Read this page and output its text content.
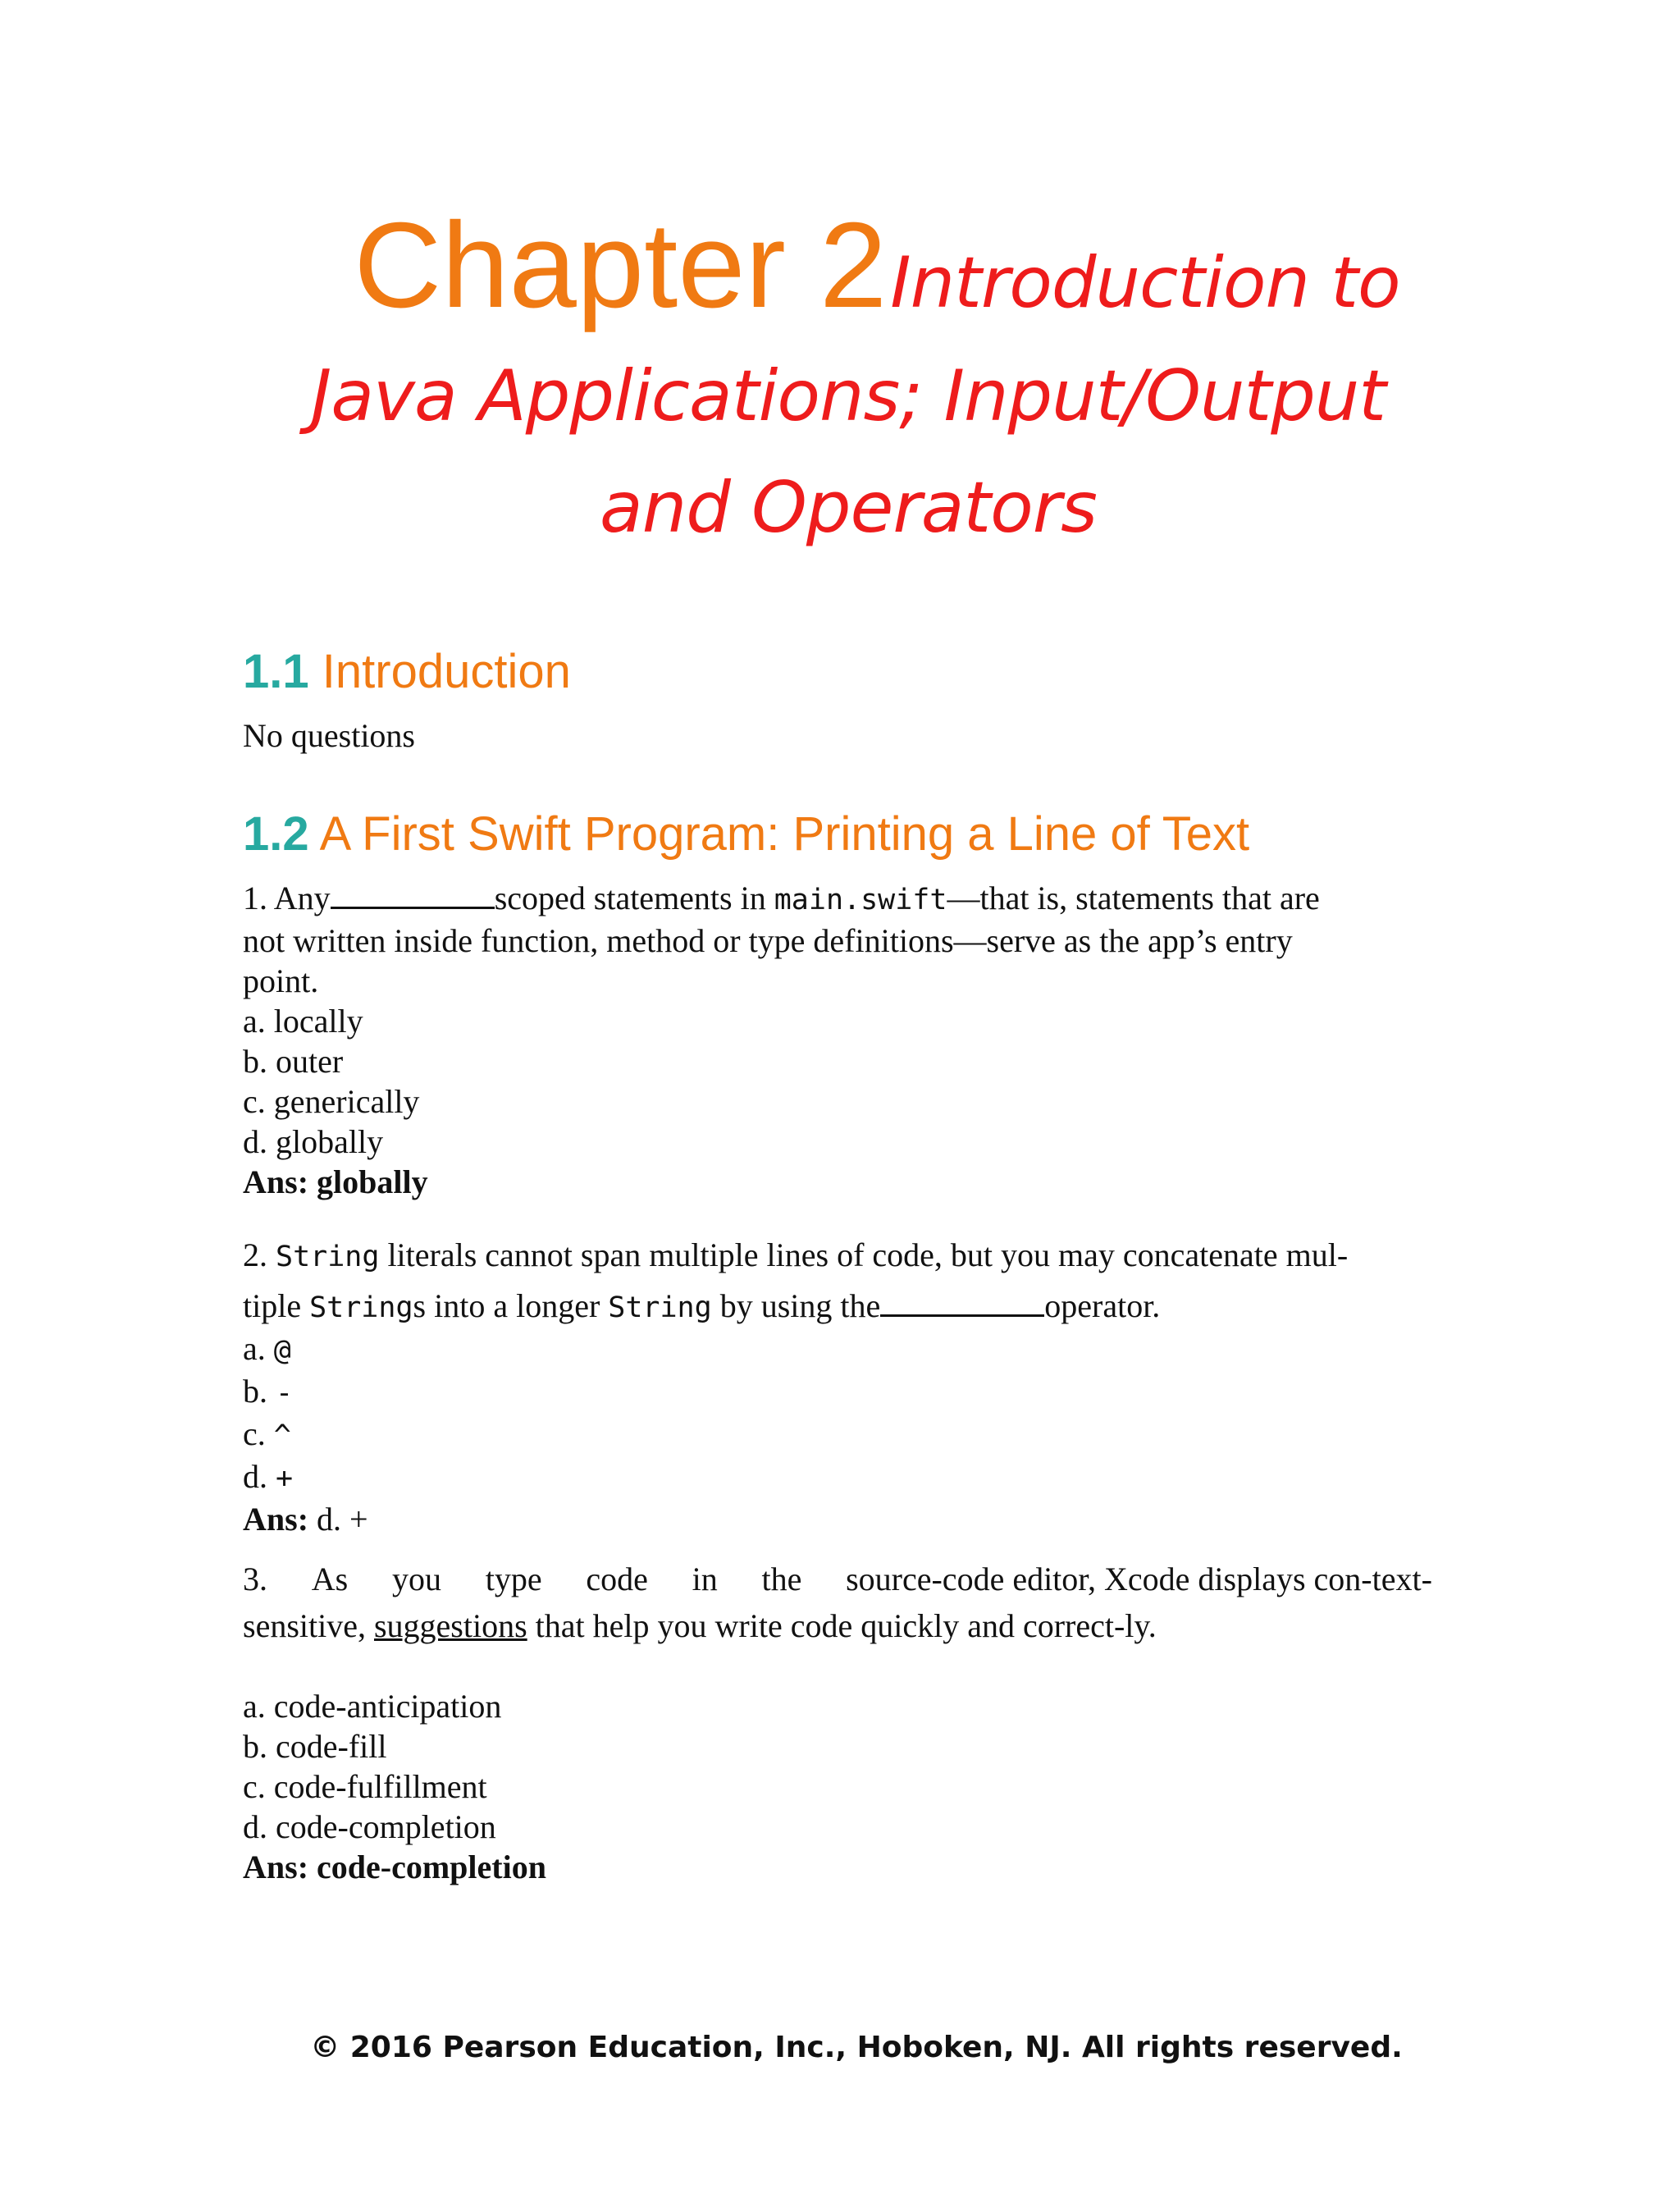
Chapter 2 Introduction to
Java Applications; Input/Output
and Operators
1.1 Introduction
No questions
1.2 A First Swift Program: Printing a Line of Text
1. Any	scoped statements in main.swift—that is, statements that are
not written inside function, method or type definitions—serve as the app’s entry
point.
a. locally
b. outer
c. generically
d. globally
Ans: globally
2. String literals cannot span multiple lines of code, but you may concatenate mul-
tiple Strings into a longer String by using the	operator.
a. @
b. -
c. ^
d. +
Ans: d. +
3. As you type code in the source-code editor, Xcode displays con-text-
sensitive, suggestions that help you write code quickly and correct-ly.
a. code-anticipation
b. code-fill
c. code-fulfillment
d. code-completion
Ans: code-completion
© 2016 Pearson Education, Inc., Hoboken, NJ. All rights reserved.
